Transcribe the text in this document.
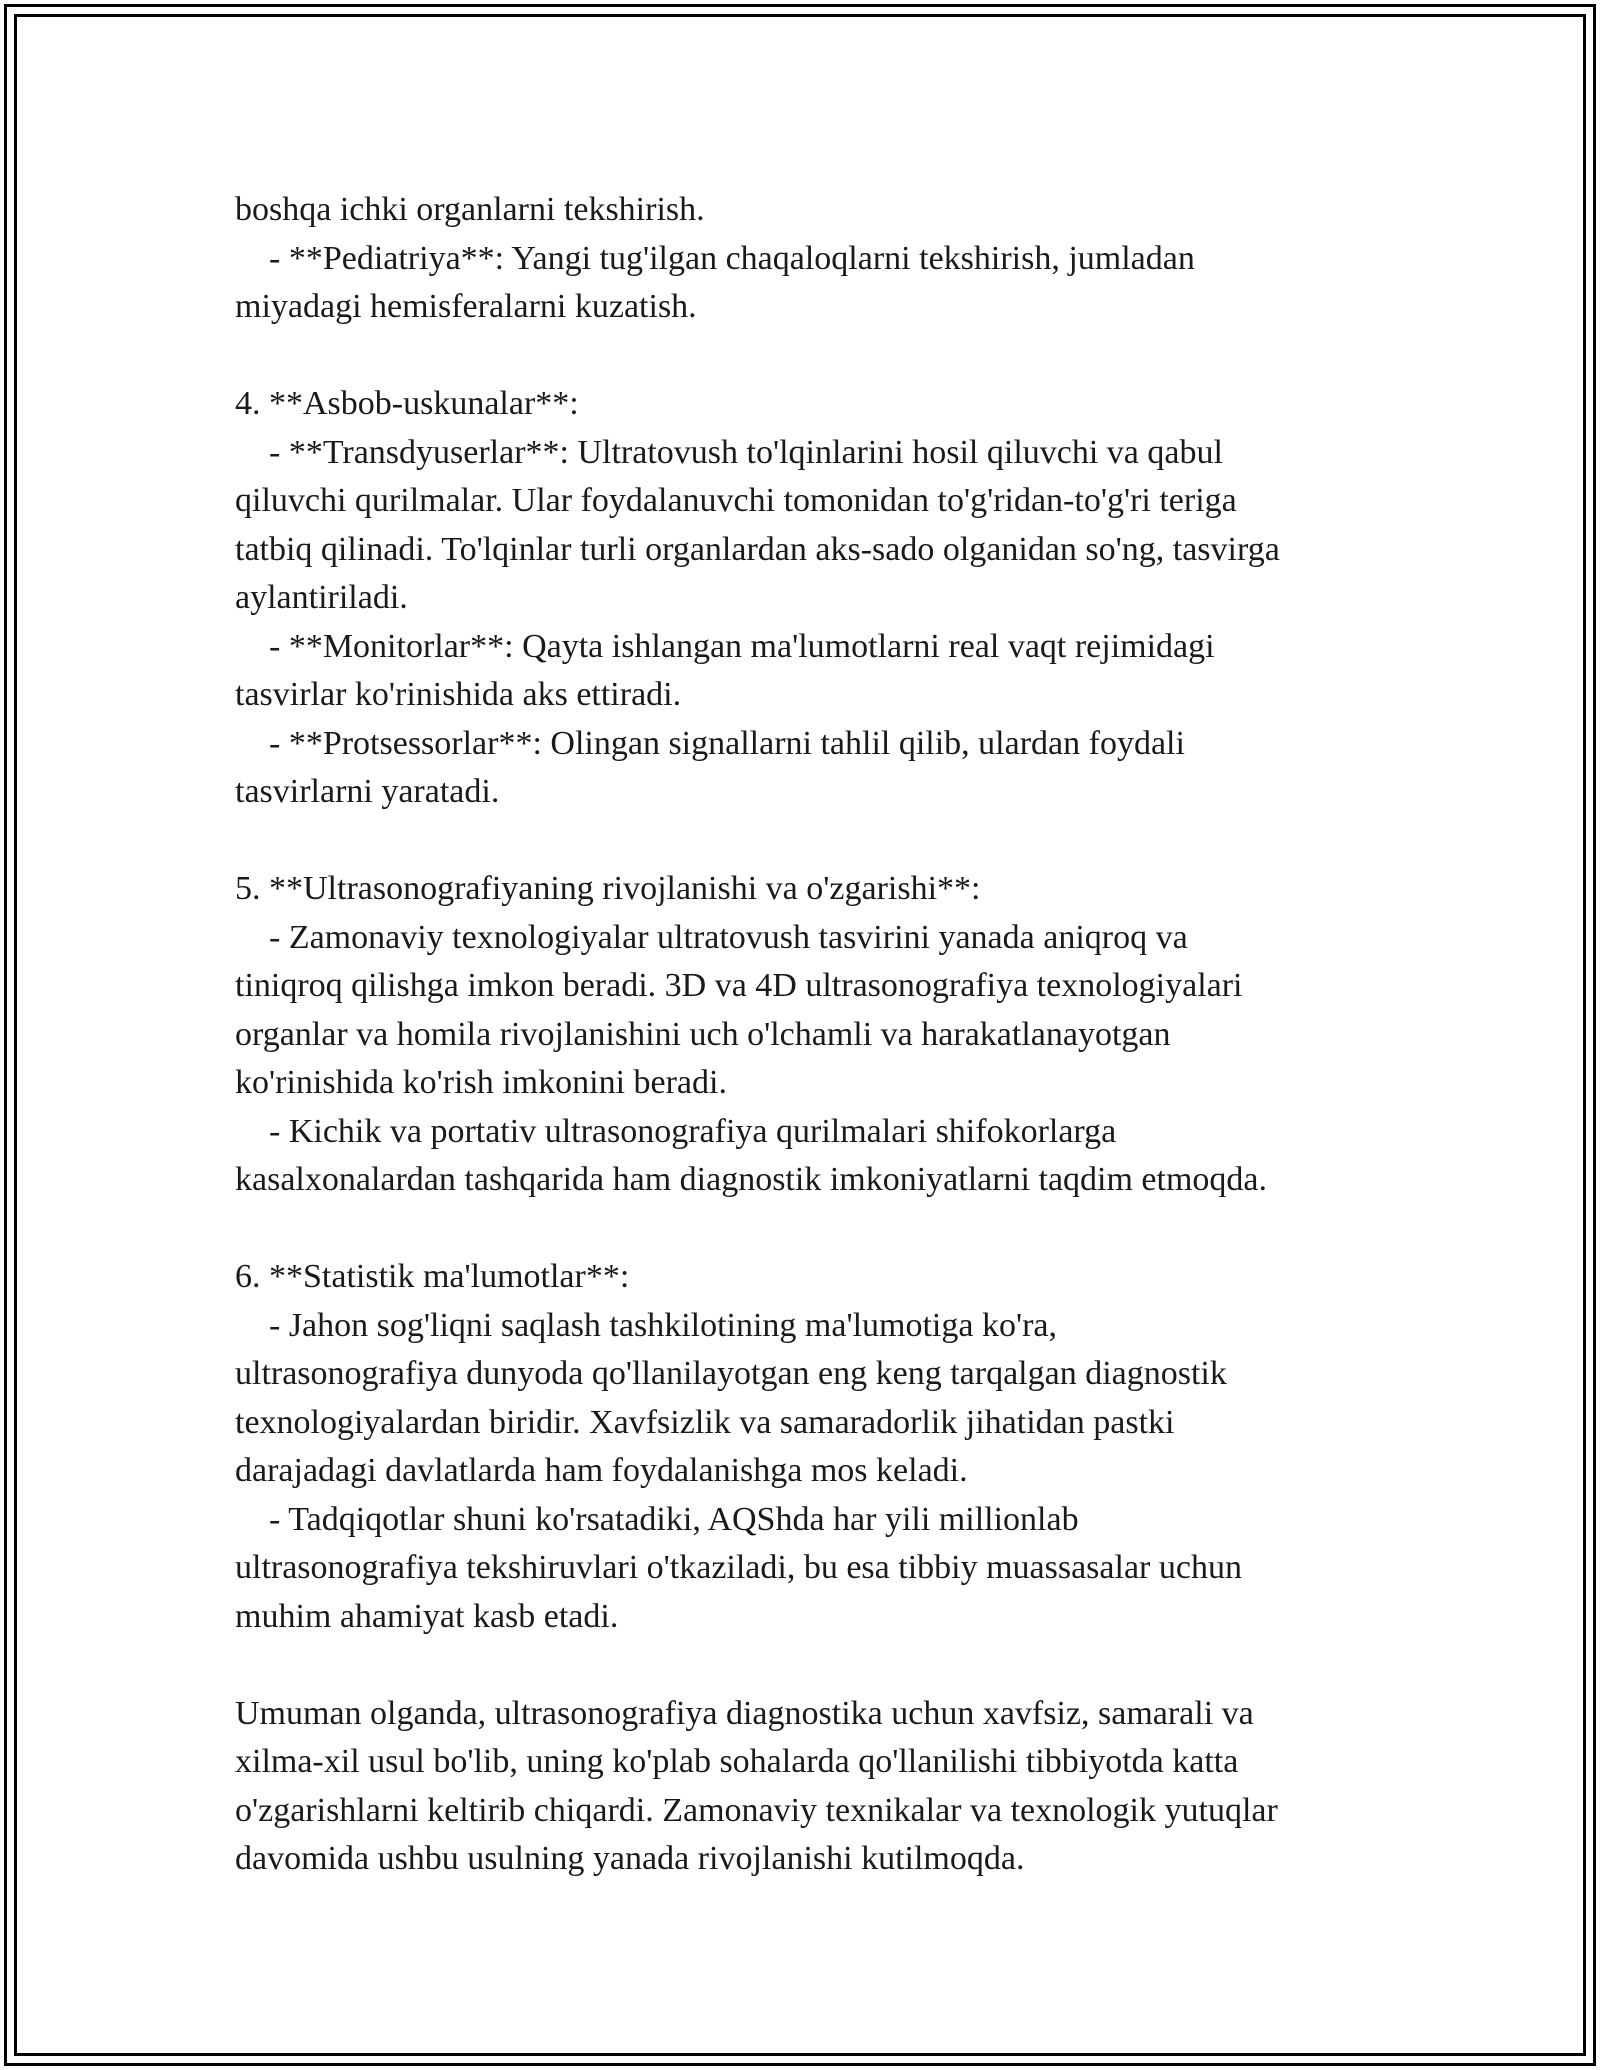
boshqa ichki organlarni tekshirish.
- **Pediatriya**: Yangi tug'ilgan chaqaloqlarni tekshirish, jumladan
miyadagi hemisferalarni kuzatish.
4. **Asbob-uskunalar**:
- **Transdyuserlar**: Ultratovush to'lqinlarini hosil qiluvchi va qabul
qiluvchi qurilmalar. Ular foydalanuvchi tomonidan to'g'ridan-to'g'ri teriga
tatbiq qilinadi. To'lqinlar turli organlardan aks-sado olganidan so'ng, tasvirga
aylantiriladi.
- **Monitorlar**: Qayta ishlangan ma'lumotlarni real vaqt rejimidagi
tasvirlar ko'rinishida aks ettiradi.
- **Protsessorlar**: Olingan signallarni tahlil qilib, ulardan foydali
tasvirlarni yaratadi.
5. **Ultrasonografiyaning rivojlanishi va o'zgarishi**:
- Zamonaviy texnologiyalar ultratovush tasvirini yanada aniqroq va
tiniqroq qilishga imkon beradi. 3D va 4D ultrasonografiya texnologiyalari
organlar va homila rivojlanishini uch o'lchamli va harakatlanayotgan
ko'rinishida ko'rish imkonini beradi.
- Kichik va portativ ultrasonografiya qurilmalari shifokorlarga
kasalxonalardan tashqarida ham diagnostik imkoniyatlarni taqdim etmoqda.
6. **Statistik ma'lumotlar**:
- Jahon sog'liqni saqlash tashkilotining ma'lumotiga ko'ra,
ultrasonografiya dunyoda qo'llanilayotgan eng keng tarqalgan diagnostik
texnologiyalardan biridir. Xavfsizlik va samaradorlik jihatidan pastki
darajadagi davlatlarda ham foydalanishga mos keladi.
- Tadqiqotlar shuni ko'rsatadiki, AQShda har yili millionlab
ultrasonografiya tekshiruvlari o'tkaziladi, bu esa tibbiy muassasalar uchun
muhim ahamiyat kasb etadi.
Umuman olganda, ultrasonografiya diagnostika uchun xavfsiz, samarali va
xilma-xil usul bo'lib, uning ko'plab sohalarda qo'llanilishi tibbiyotda katta
o'zgarishlarni keltirib chiqardi. Zamonaviy texnikalar va texnologik yutuqlar
davomida ushbu usulning yanada rivojlanishi kutilmoqda.
